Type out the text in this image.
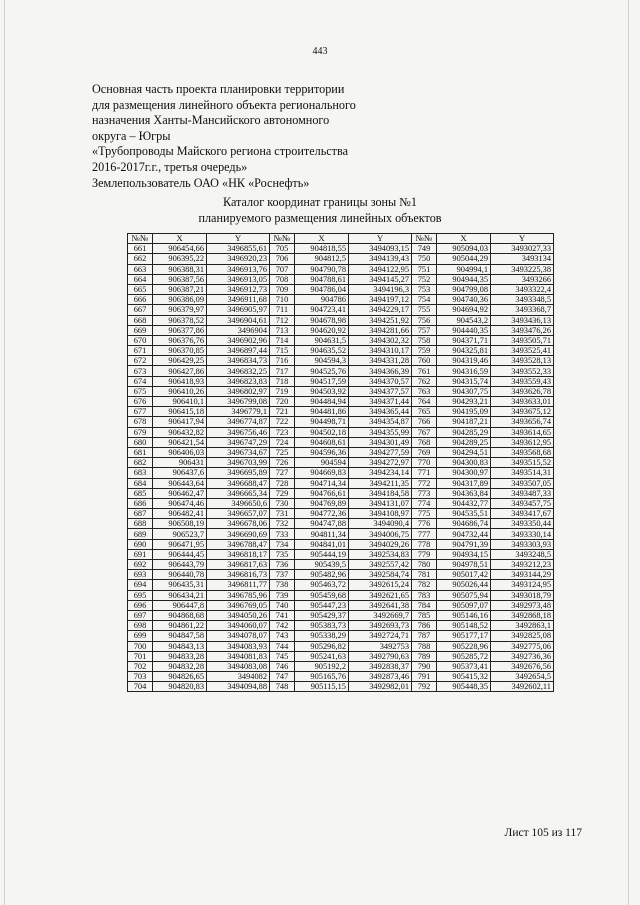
443
Основная часть проекта планировки территории
для размещения линейного объекта регионального
назначения Ханты-Мансийского автономного
округа – Югры
«Трубопроводы Майского региона строительства
2016-2017г.г., третья очередь»
Землепользователь ОАО «НК «Роснефть»
Каталог координат границы зоны №1
планируемого размещения линейных объектов
№№	X	Y	№№	X	Y	№№	X	Y
661	906454,66	3496855,61	705	904818,55	3494093,15	749	905094,03	3493027,33
662	906395,22	3496920,23	706	904812,5	3494139,43	750	905044,29	3493134
663	906388,31	3496913,76	707	904790,78	3494122,95	751	904994,1	3493225,38
664	906387,56	3496913,05	708	904788,61	3494145,27	752	904944,35	3493266
665	906387,21	3496912,73	709	904786,04	3494196,3	753	904799,08	3493322,4
666	906386,09	3496911,68	710	904786	3494197,12	754	904740,36	3493348,5
667	906379,97	3496905,97	711	904723,41	3494229,17	755	904694,92	3493368,7
668	906378,52	3496904,61	712	904678,98	3494251,92	756	904543,2	3493436,13
669	906377,86	3496904	713	904620,92	3494281,66	757	904440,35	3493476,26
670	906376,76	3496902,96	714	904631,5	3494302,32	758	904371,71	3493505,71
671	906370,85	3496897,44	715	904635,52	3494310,17	759	904325,81	3493525,41
672	906429,25	3496834,73	716	904594,3	3494331,28	760	904319,46	3493528,13
673	906427,86	3496832,25	717	904525,76	3494366,39	761	904316,59	3493552,33
674	906418,93	3496823,83	718	904517,59	3494370,57	762	904315,74	3493559,43
675	906410,26	3496802,97	719	904503,92	3494377,57	763	904307,75	3493626,78
676	906410,1	3496799,08	720	904484,94	3494371,44	764	904293,21	3493633,01
677	906415,18	3496779,1	721	904481,86	3494365,44	765	904195,09	3493675,12
678	906417,94	3496774,87	722	904498,71	3494354,87	766	904187,21	3493656,74
679	906432,82	3496756,46	723	904502,18	3494355,99	767	904285,29	3493614,65
680	906421,54	3496747,29	724	904608,61	3494301,49	768	904289,25	3493612,95
681	906406,03	3496734,67	725	904596,36	3494277,59	769	904294,51	3493568,68
682	906431	3496703,99	726	904594	3494272,97	770	904300,83	3493515,52
683	906437,6	3496695,89	727	904669,83	3494234,14	771	904300,97	3493514,31
684	906443,64	3496688,47	728	904714,34	3494211,35	772	904317,89	3493507,05
685	906462,47	3496665,34	729	904766,61	3494184,58	773	904363,84	3493487,33
686	906474,46	3496650,6	730	904769,89	3494131,07	774	904432,77	3493457,75
687	906482,41	3496657,07	731	904772,36	3494108,97	775	904535,51	3493417,67
688	906508,19	3496678,06	732	904747,88	3494090,4	776	904686,74	3493350,44
689	906523,7	3496690,69	733	904811,34	3494006,75	777	904732,44	3493330,14
690	906471,95	3496788,47	734	904841,01	3494029,26	778	904791,39	3493303,93
691	906444,45	3496818,17	735	905444,19	3492534,83	779	904934,15	3493248,5
692	906443,79	3496817,63	736	905439,5	3492557,42	780	904978,51	3493212,23
693	906440,78	3496816,73	737	905482,96	3492584,74	781	905017,42	3493144,29
694	906435,31	3496811,77	738	905463,72	3492615,24	782	905026,44	3493124,95
695	906434,21	3496785,96	739	905459,68	3492621,65	783	905075,94	3493018,79
696	906447,8	3496769,05	740	905447,23	3492641,38	784	905097,07	3492973,48
697	904868,68	3494050,26	741	905429,37	3492669,7	785	905146,16	3492868,18
698	904861,22	3494060,07	742	905383,73	3492693,73	786	905148,52	3492863,1
699	904847,58	3494078,07	743	905338,29	3492724,71	787	905177,17	3492825,08
700	904843,13	3494083,93	744	905296,82	3492753	788	905228,96	3492775,06
701	904833,28	3494081,83	745	905241,63	3492790,63	789	905285,72	3492736,36
702	904832,28	3494083,08	746	905192,2	3492838,37	790	905373,41	3492676,56
703	904826,65	3494082	747	905165,76	3492873,46	791	905415,32	3492654,5
704	904820,83	3494094,88	748	905115,15	3492982,01	792	905448,35	3492602,11
Лист 105 из 117
